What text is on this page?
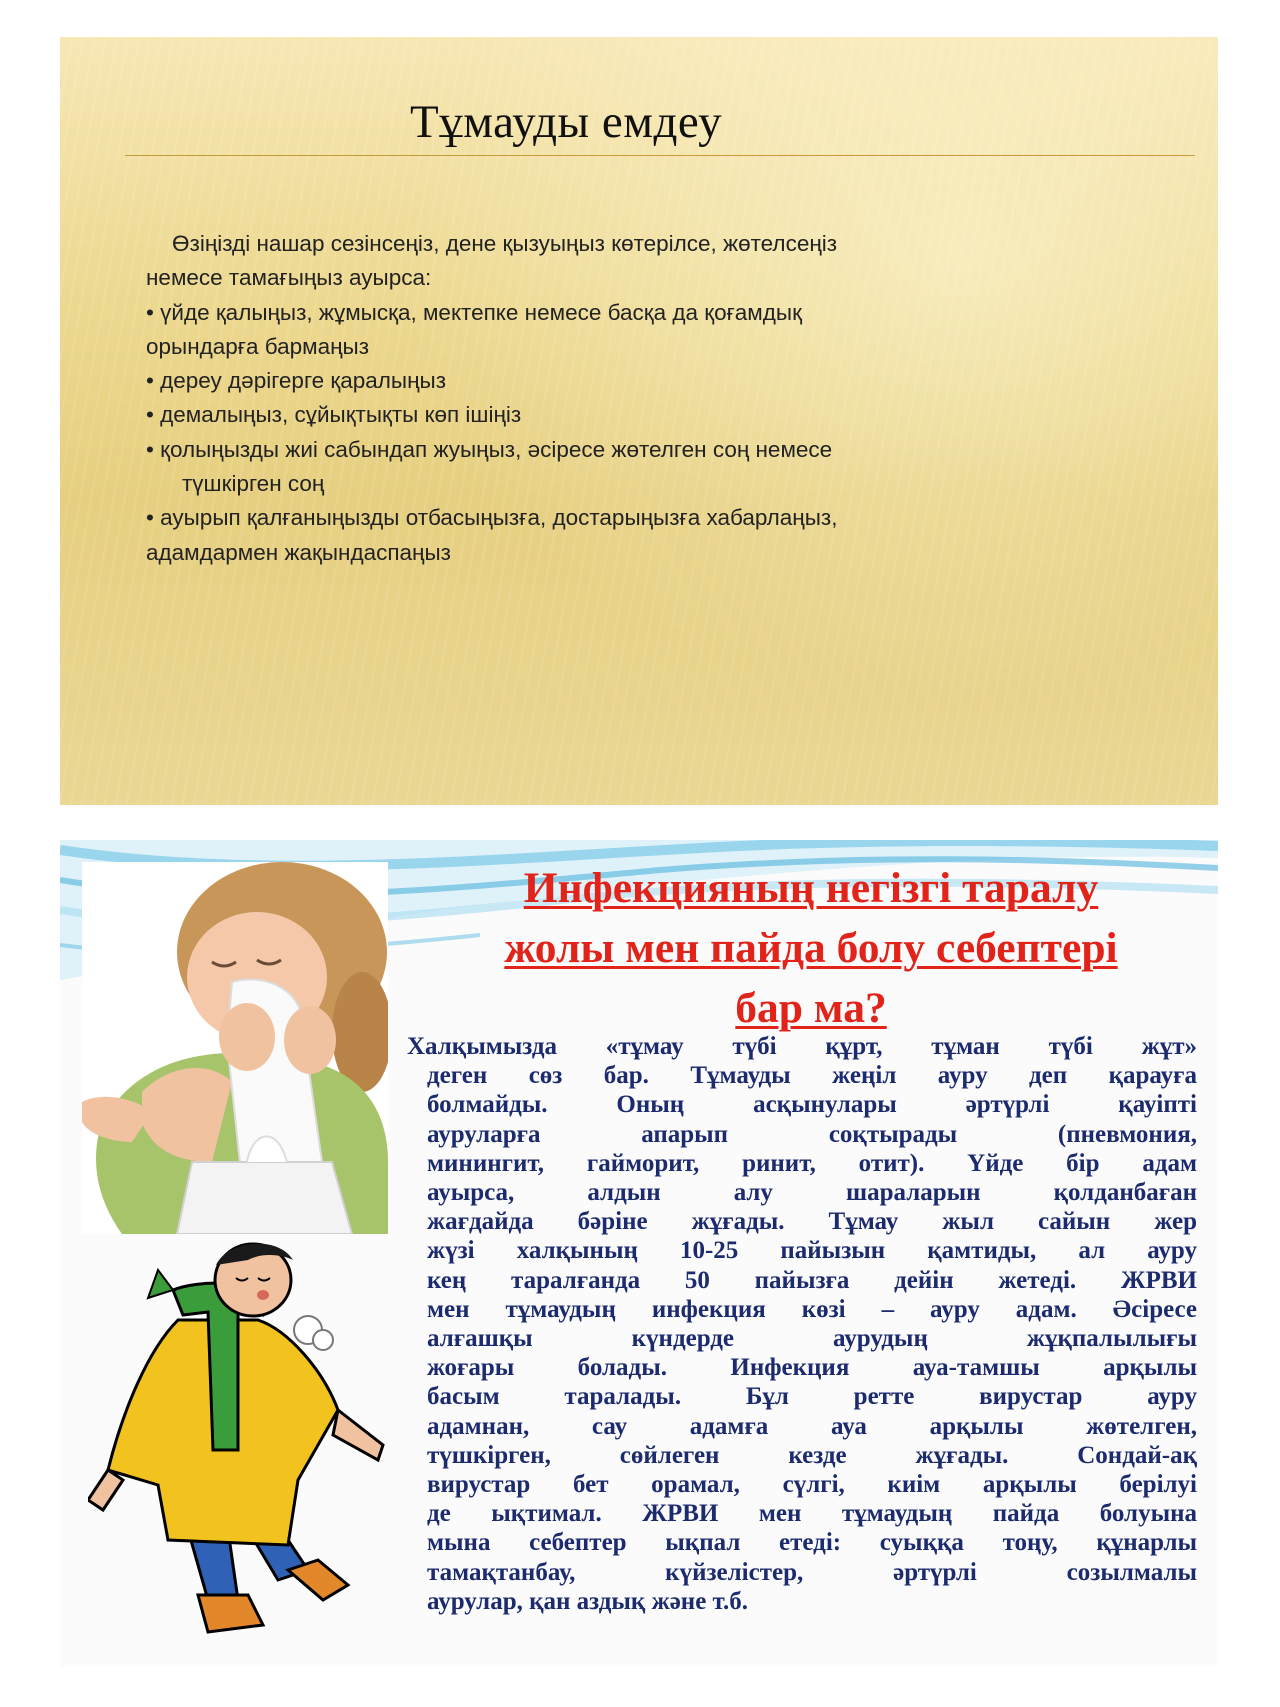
Тұмауды емдеу
Өзіңізді нашар сезінсеңіз, дене қызуыңыз көтерілсе, жөтелсеңіз
немесе тамағыңыз ауырса:
• үйде қалыңыз, жұмысқа, мектепке немесе басқа да қоғамдық
орындарға бармаңыз
• дереу дәрігерге қаралыңыз
• демалыңыз, сұйықтықты көп ішіңіз
• қолыңызды жиі сабындап жуыңыз, әсіресе жөтелген соң немесе
түшкірген соң
• ауырып қалғаныңызды отбасыңызға, достарыңызға хабарлаңыз,
адамдармен жақындаспаңыз
Инфекцияның негізгі таралу
жолы мен пайда болу себептері
бар ма?
Халқымызда «тұмау түбі құрт, тұман түбі жұт»
деген сөз бар. Тұмауды жеңіл ауру деп қарауға
болмайды. Оның асқынулары әртүрлі қауіпті
ауруларға апарып соқтырады (пневмония,
минингит, гайморит, ринит, отит). Үйде бір адам
ауырса, алдын алу шараларын қолданбаған
жағдайда бәріне жұғады. Тұмау жыл сайын жер
жүзі халқының 10-25 пайызын қамтиды, ал ауру
кең таралғанда 50 пайызға дейін жетеді. ЖРВИ
мен тұмаудың инфекция көзі – ауру адам. Әсіресе
алғашқы күндерде аурудың жұқпалылығы
жоғары болады. Инфекция ауа-тамшы арқылы
басым таралады. Бұл ретте вирустар ауру
адамнан, сау адамға ауа арқылы жөтелген,
түшкірген, сөйлеген кезде жұғады. Сондай-ақ
вирустар бет орамал, сүлгі, киім арқылы берілуі
де ықтимал. ЖРВИ мен тұмаудың пайда болуына
мына себептер ықпал етеді: суыққа тоңу, құнарлы
тамақтанбау, күйзелістер, әртүрлі созылмалы
аурулар, қан аздық және т.б.
